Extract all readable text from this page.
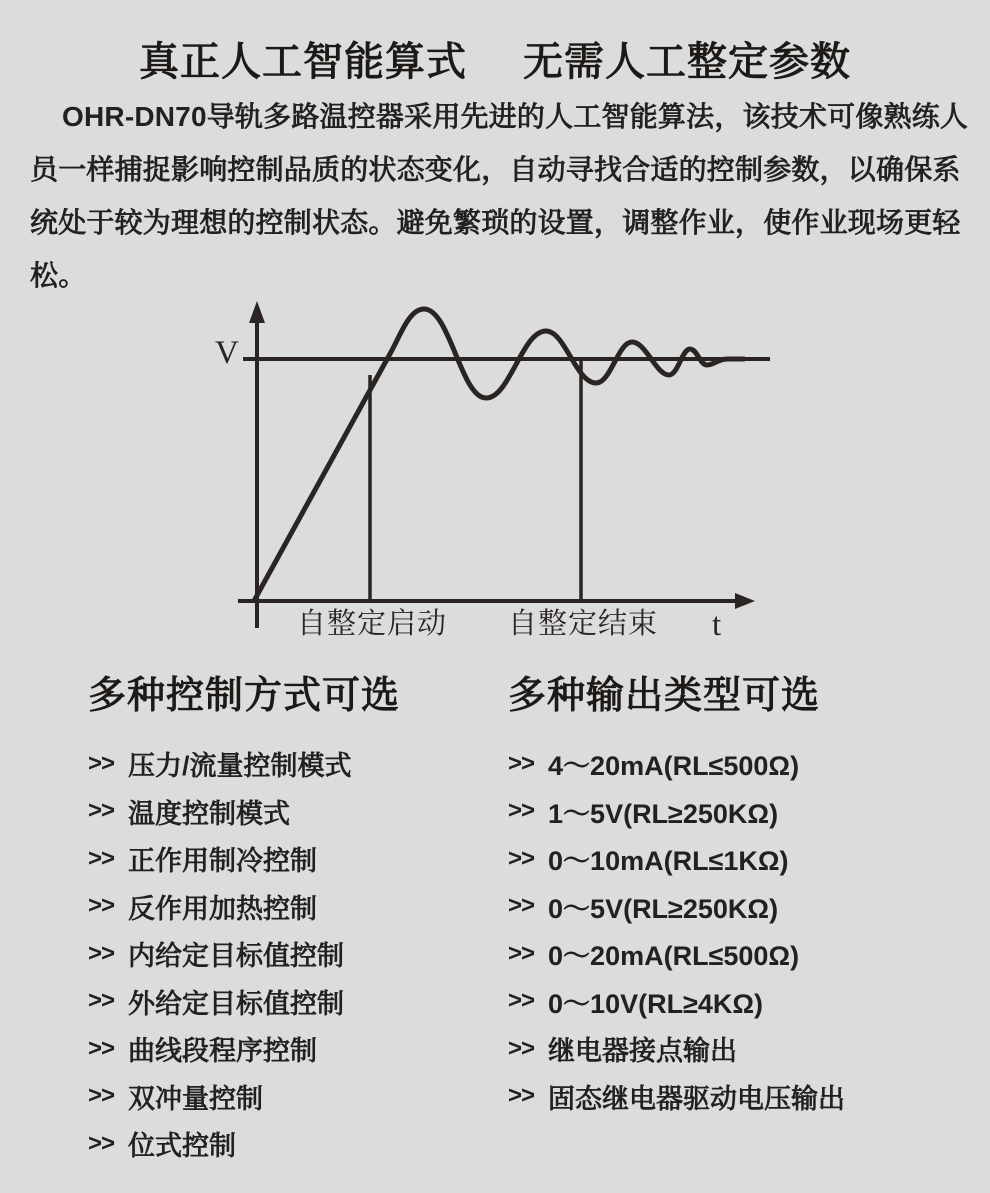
真正人工智能算式 无需人工整定参数
OHR-DN70导轨多路温控器采用先进的人工智能算法，该技术可像熟练人
员一样捕捉影响控制品质的状态变化，自动寻找合适的控制参数，以确保系
统处于较为理想的控制状态。避免繁琐的设置，调整作业，使作业现场更轻
松。
V
t
自整定启动 自整定结束
多种控制方式可选
>> 压力/流量控制模式
>> 温度控制模式
>> 正作用制冷控制
>> 反作用加热控制
>> 内给定目标值控制
>> 外给定目标值控制
>> 曲线段程序控制
>> 双冲量控制
>> 位式控制
多种输出类型可选
>> 4～20mA(RL≤500Ω)
>> 1～5V(RL≥250KΩ)
>> 0～10mA(RL≤1KΩ)
>> 0～5V(RL≥250KΩ)
>> 0～20mA(RL≤500Ω)
>> 0～10V(RL≥4KΩ)
>> 继电器接点输出
>> 固态继电器驱动电压输出
